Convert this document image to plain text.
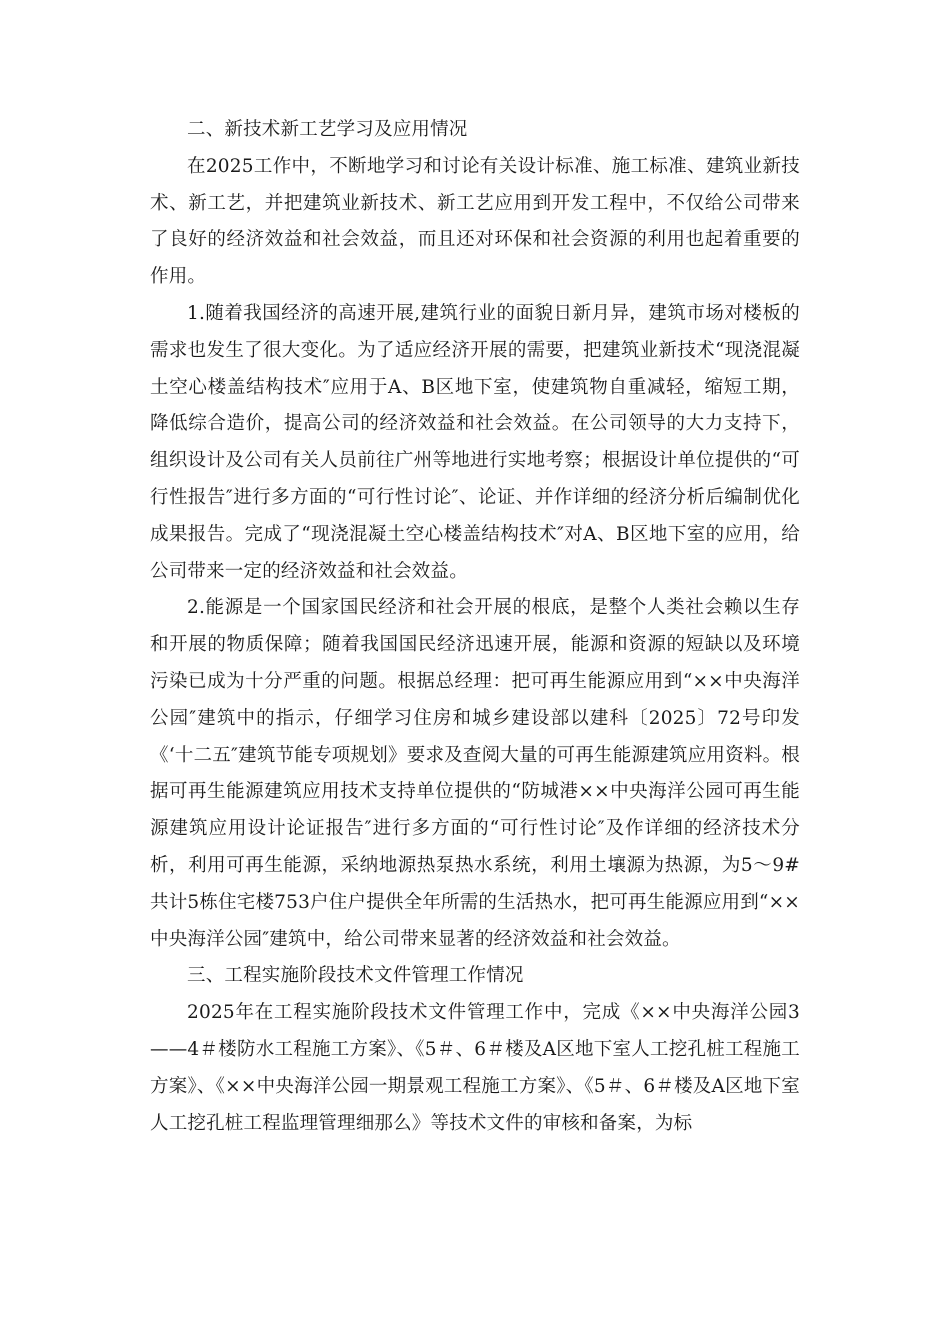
二、新技术新工艺学习及应用情况

在2025工作中，不断地学习和讨论有关设计标准、施工标准、建筑业新技术、新工艺，并把建筑业新技术、新工艺应用到开发工程中，不仅给公司带来了良好的经济效益和社会效益，而且还对环保和社会资源的利用也起着重要的作用。

1.随着我国经济的高速开展,建筑行业的面貌日新月异，建筑市场对楼板的需求也发生了很大变化。为了适应经济开展的需要，把建筑业新技术“现浇混凝土空心楼盖结构技术″应用于A、B区地下室，使建筑物自重减轻，缩短工期，降低综合造价，提高公司的经济效益和社会效益。在公司领导的大力支持下，组织设计及公司有关人员前往广州等地进行实地考察；根据设计单位提供的“可行性报告″进行多方面的“可行性讨论″、论证、并作详细的经济分析后编制优化成果报告。完成了“现浇混凝土空心楼盖结构技术″对A、B区地下室的应用，给公司带来一定的经济效益和社会效益。

2.能源是一个国家国民经济和社会开展的根底，是整个人类社会赖以生存和开展的物质保障；随着我国国民经济迅速开展，能源和资源的短缺以及环境污染已成为十分严重的问题。根据总经理：把可再生能源应用到“××中央海洋公园″建筑中的指示，仔细学习住房和城乡建设部以建科〔2025〕72号印发《‘十二五″建筑节能专项规划》要求及查阅大量的可再生能源建筑应用资料。根据可再生能源建筑应用技术支持单位提供的“防城港××中央海洋公园可再生能源建筑应用设计论证报告″进行多方面的“可行性讨论″及作详细的经济技术分析，利用可再生能源，采纳地源热泵热水系统，利用土壤源为热源，为5～9#共计5栋住宅楼753户住户提供全年所需的生活热水，把可再生能源应用到“××中央海洋公园″建筑中，给公司带来显著的经济效益和社会效益。

三、工程实施阶段技术文件管理工作情况

2025年在工程实施阶段技术文件管理工作中，完成《××中央海洋公园3——4＃楼防水工程施工方案》、《5＃、6＃楼及A区地下室人工挖孔桩工程施工方案》、《××中央海洋公园一期景观工程施工方案》、《5＃、6＃楼及A区地下室人工挖孔桩工程监理管理细那么》等技术文件的审核和备案，为标
